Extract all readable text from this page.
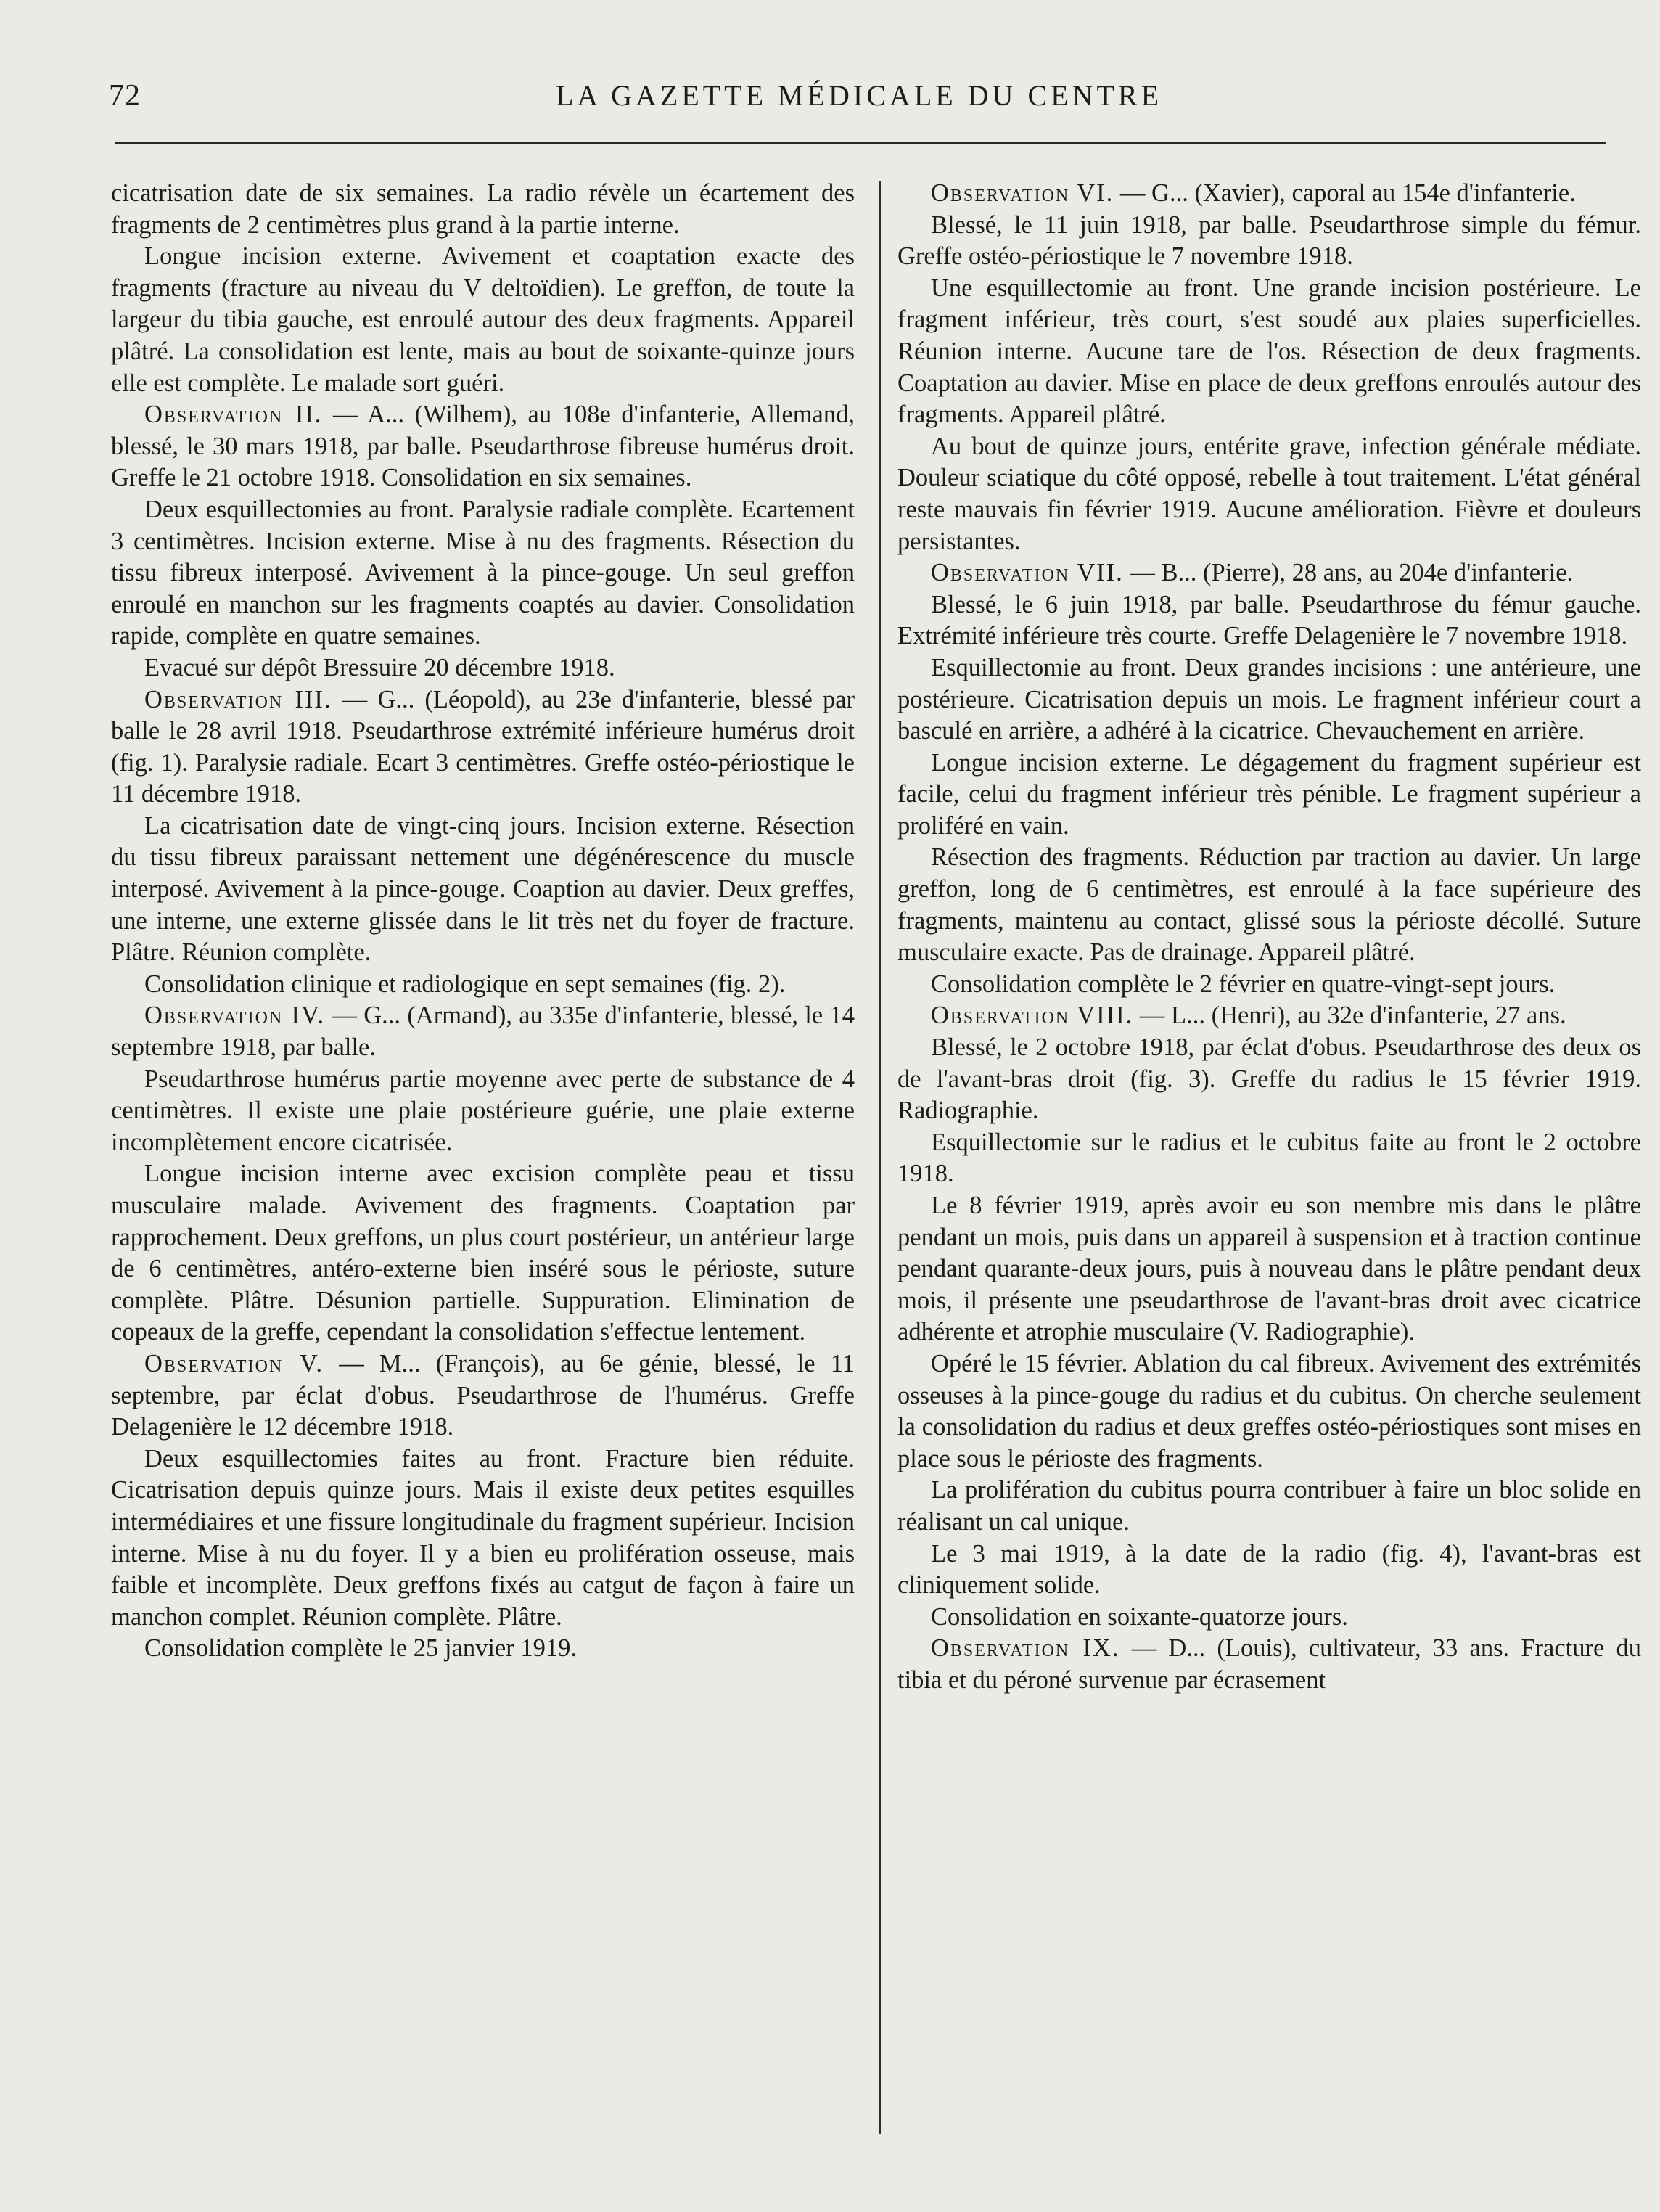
72	LA GAZETTE MÉDICALE DU CENTRE

cicatrisation date de six semaines. La radio révèle un écartement des fragments de 2 centimètres plus grand à la partie interne.

Longue incision externe. Avivement et coaptation exacte des fragments (fracture au niveau du V deltoïdien). Le greffon, de toute la largeur du tibia gauche, est enroulé autour des deux fragments. Appareil plâtré. La consolidation est lente, mais au bout de soixante-quinze jours elle est complète. Le malade sort guéri.

Observation II. — A... (Wilhem), au 108e d'infanterie, Allemand, blessé, le 30 mars 1918, par balle. Pseudarthrose fibreuse humérus droit. Greffe le 21 octobre 1918. Consolidation en six semaines.

Deux esquillectomies au front. Paralysie radiale complète. Ecartement 3 centimètres. Incision externe. Mise à nu des fragments. Résection du tissu fibreux interposé. Avivement à la pince-gouge. Un seul greffon enroulé en manchon sur les fragments coaptés au davier. Consolidation rapide, complète en quatre semaines.

Evacué sur dépôt Bressuire 20 décembre 1918.

Observation III. — G... (Léopold), au 23e d'infanterie, blessé par balle le 28 avril 1918. Pseudarthrose extrémité inférieure humérus droit (fig. 1). Paralysie radiale. Ecart 3 centimètres. Greffe ostéo-périostique le 11 décembre 1918.

La cicatrisation date de vingt-cinq jours. Incision externe. Résection du tissu fibreux paraissant nettement une dégénérescence du muscle interposé. Avivement à la pince-gouge. Coaption au davier. Deux greffes, une interne, une externe glissée dans le lit très net du foyer de fracture. Plâtre. Réunion complète.

Consolidation clinique et radiologique en sept semaines (fig. 2).

Observation IV. — G... (Armand), au 335e d'infanterie, blessé, le 14 septembre 1918, par balle.

Pseudarthrose humérus partie moyenne avec perte de substance de 4 centimètres. Il existe une plaie postérieure guérie, une plaie externe incomplètement encore cicatrisée.

Longue incision interne avec excision complète peau et tissu musculaire malade. Avivement des fragments. Coaptation par rapprochement. Deux greffons, un plus court postérieur, un antérieur large de 6 centimètres, antéro-externe bien inséré sous le périoste, suture complète. Plâtre. Désunion partielle. Suppuration. Elimination de copeaux de la greffe, cependant la consolidation s'effectue lentement.

Observation V. — M... (François), au 6e génie, blessé, le 11 septembre, par éclat d'obus. Pseudarthrose de l'humérus. Greffe Delagenière le 12 décembre 1918.

Deux esquillectomies faites au front. Fracture bien réduite. Cicatrisation depuis quinze jours. Mais il existe deux petites esquilles intermédiaires et une fissure longitudinale du fragment supérieur. Incision interne. Mise à nu du foyer. Il y a bien eu prolifération osseuse, mais faible et incomplète. Deux greffons fixés au catgut de façon à faire un manchon complet. Réunion complète. Plâtre.

Consolidation complète le 25 janvier 1919.

Observation VI. — G... (Xavier), caporal au 154e d'infanterie.

Blessé, le 11 juin 1918, par balle. Pseudarthrose simple du fémur. Greffe ostéo-périostique le 7 novembre 1918.

Une esquillectomie au front. Une grande incision postérieure. Le fragment inférieur, très court, s'est soudé aux plaies superficielles. Réunion interne. Aucune tare de l'os. Résection de deux fragments. Coaptation au davier. Mise en place de deux greffons enroulés autour des fragments. Appareil plâtré.

Au bout de quinze jours, entérite grave, infection générale médiate. Douleur sciatique du côté opposé, rebelle à tout traitement. L'état général reste mauvais fin février 1919. Aucune amélioration. Fièvre et douleurs persistantes.

Observation VII. — B... (Pierre), 28 ans, au 204e d'infanterie.

Blessé, le 6 juin 1918, par balle. Pseudarthrose du fémur gauche. Extrémité inférieure très courte. Greffe Delagenière le 7 novembre 1918.

Esquillectomie au front. Deux grandes incisions : une antérieure, une postérieure. Cicatrisation depuis un mois. Le fragment inférieur court a basculé en arrière, a adhéré à la cicatrice. Chevauchement en arrière.

Longue incision externe. Le dégagement du fragment supérieur est facile, celui du fragment inférieur très pénible. Le fragment supérieur a proliféré en vain.

Résection des fragments. Réduction par traction au davier. Un large greffon, long de 6 centimètres, est enroulé à la face supérieure des fragments, maintenu au contact, glissé sous la périoste décollé. Suture musculaire exacte. Pas de drainage. Appareil plâtré.

Consolidation complète le 2 février en quatre-vingt-sept jours.

Observation VIII. — L... (Henri), au 32e d'infanterie, 27 ans.

Blessé, le 2 octobre 1918, par éclat d'obus. Pseudarthrose des deux os de l'avant-bras droit (fig. 3). Greffe du radius le 15 février 1919. Radiographie.

Esquillectomie sur le radius et le cubitus faite au front le 2 octobre 1918.

Le 8 février 1919, après avoir eu son membre mis dans le plâtre pendant un mois, puis dans un appareil à suspension et à traction continue pendant quarante-deux jours, puis à nouveau dans le plâtre pendant deux mois, il présente une pseudarthrose de l'avant-bras droit avec cicatrice adhérente et atrophie musculaire (V. Radiographie).

Opéré le 15 février. Ablation du cal fibreux. Avivement des extrémités osseuses à la pince-gouge du radius et du cubitus. On cherche seulement la consolidation du radius et deux greffes ostéo-périostiques sont mises en place sous le périoste des fragments.

La prolifération du cubitus pourra contribuer à faire un bloc solide en réalisant un cal unique.

Le 3 mai 1919, à la date de la radio (fig. 4), l'avant-bras est cliniquement solide.

Consolidation en soixante-quatorze jours.

Observation IX. — D... (Louis), cultivateur, 33 ans. Fracture du tibia et du péroné survenue par écrasement
